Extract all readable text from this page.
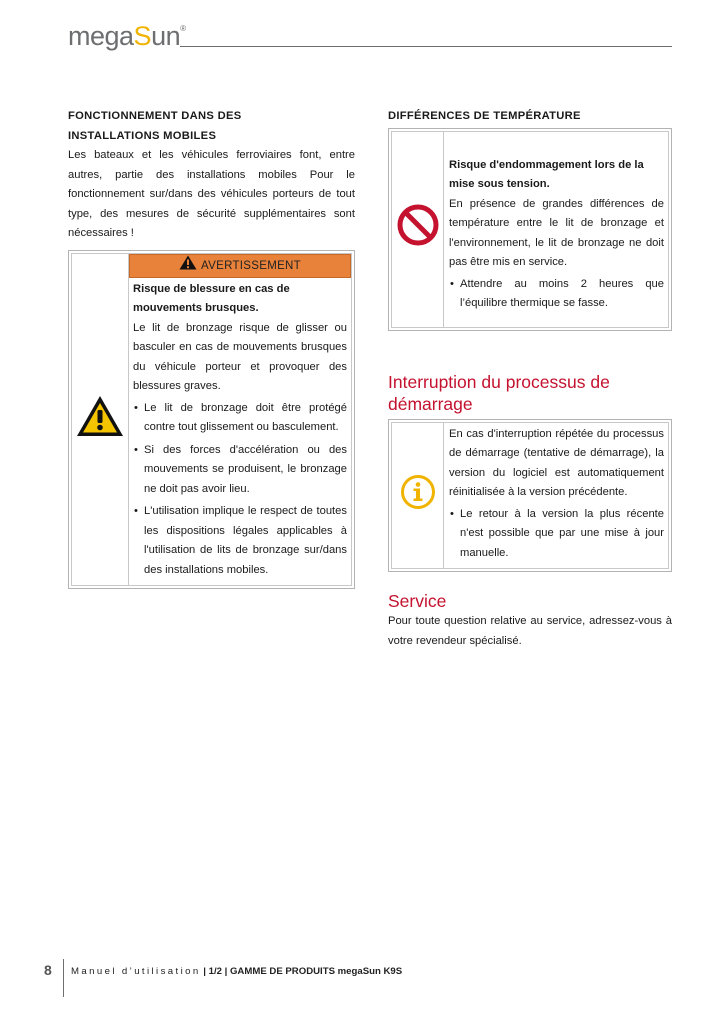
megaSun®

FONCTIONNEMENT DANS DES

INSTALLATIONS MOBILES

Les bateaux et les véhicules ferroviaires font, entre autres, partie des installations mobiles Pour le fonctionnement sur/dans des véhicules porteurs de tout type, des mesures de sécurité supplémentaires sont nécessaires !

AVERTISSEMENT

Risque de blessure en cas de mouvements brusques.

Le lit de bronzage risque de glisser ou basculer en cas de mouvements brusques du véhicule porteur et provoquer des blessures graves.

• Le lit de bronzage doit être protégé contre tout glissement ou basculement.
• Si des forces d'accélération ou des mouvements se produisent, le bronzage ne doit pas avoir lieu.
• L'utilisation implique le respect de toutes les dispositions légales applicables à l'utilisation de lits de bronzage sur/dans des installations mobiles.

DIFFÉRENCES DE TEMPÉRATURE

Risque d'endommagement lors de la mise sous tension.

En présence de grandes différences de température entre le lit de bronzage et l'environnement, le lit de bronzage ne doit pas être mis en service.

• Attendre au moins 2 heures que l’équilibre thermique se fasse.
Interruption du processus de démarrage

En cas d'interruption répétée du processus de démarrage (tentative de démarrage), la version du logiciel est automatiquement réinitialisée à la version précédente.

• Le retour à la version la plus récente n'est possible que par une mise à jour manuelle.
Service

Pour toute question relative au service, adressez-vous à votre revendeur spécialisé.

8 Manuel d’utilisation | 1/2 | GAMME DE PRODUITS megaSun K9S
